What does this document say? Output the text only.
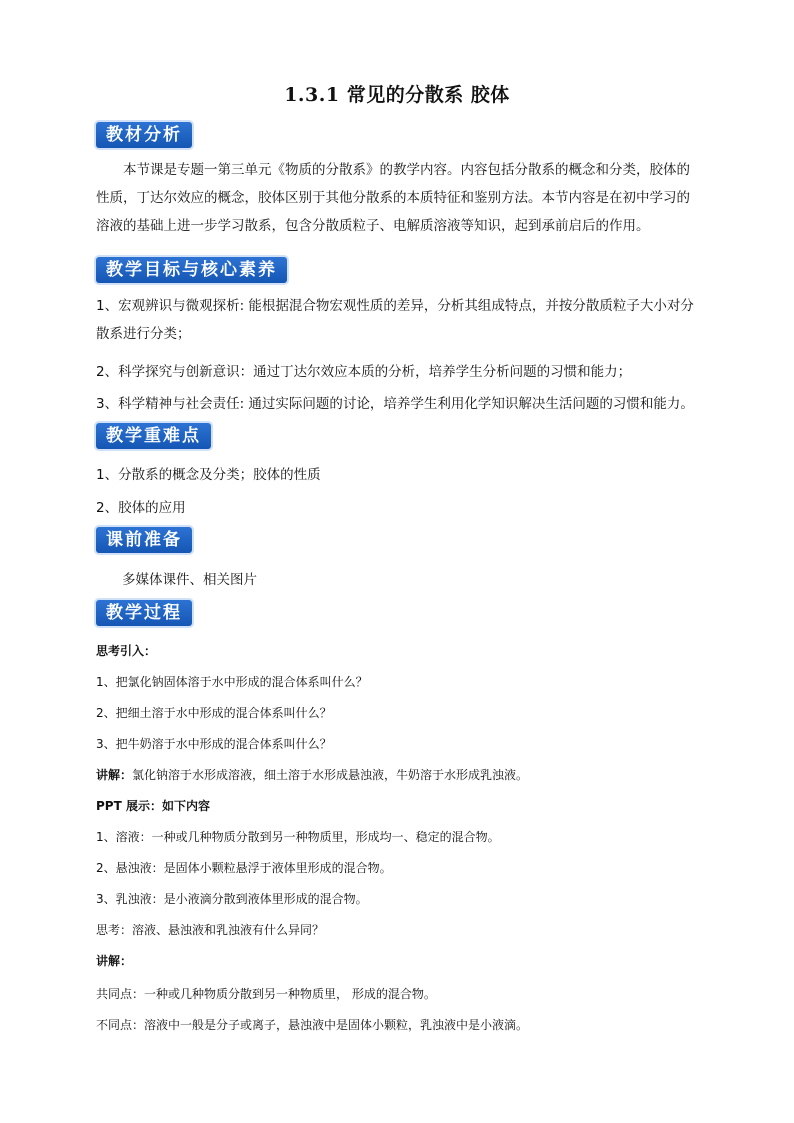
1.3.1 常见的分散系 胶体
教材分析
本节课是专题一第三单元《物质的分散系》的教学内容。内容包括分散系的概念和分类，胶体的性质，丁达尔效应的概念，胶体区别于其他分散系的本质特征和鉴别方法。本节内容是在初中学习的溶液的基础上进一步学习散系，包含分散质粒子、电解质溶液等知识，起到承前启后的作用。
教学目标与核心素养
1、宏观辨识与微观探析: 能根据混合物宏观性质的差异，分析其组成特点，并按分散质粒子大小对分散系进行分类；
2、科学探究与创新意识：通过丁达尔效应本质的分析，培养学生分析问题的习惯和能力；
3、科学精神与社会责任: 通过实际问题的讨论，培养学生利用化学知识解决生活问题的习惯和能力。
教学重难点
1、分散系的概念及分类；胶体的性质
2、胶体的应用
课前准备
多媒体课件、相关图片
教学过程
思考引入：
1、把氯化钠固体溶于水中形成的混合体系叫什么？
2、把细土溶于水中形成的混合体系叫什么？
3、把牛奶溶于水中形成的混合体系叫什么？
讲解：氯化钠溶于水形成溶液，细土溶于水形成悬浊液，牛奶溶于水形成乳浊液。
PPT 展示：如下内容
1、溶液：一种或几种物质分散到另一种物质里，形成均一、稳定的混合物。
2、悬浊液：是固体小颗粒悬浮于液体里形成的混合物。
3、乳浊液：是小液滴分散到液体里形成的混合物。
思考：溶液、悬浊液和乳浊液有什么异同？
讲解：
共同点：一种或几种物质分散到另一种物质里， 形成的混合物。
不同点：溶液中一般是分子或离子，悬浊液中是固体小颗粒，乳浊液中是小液滴。
